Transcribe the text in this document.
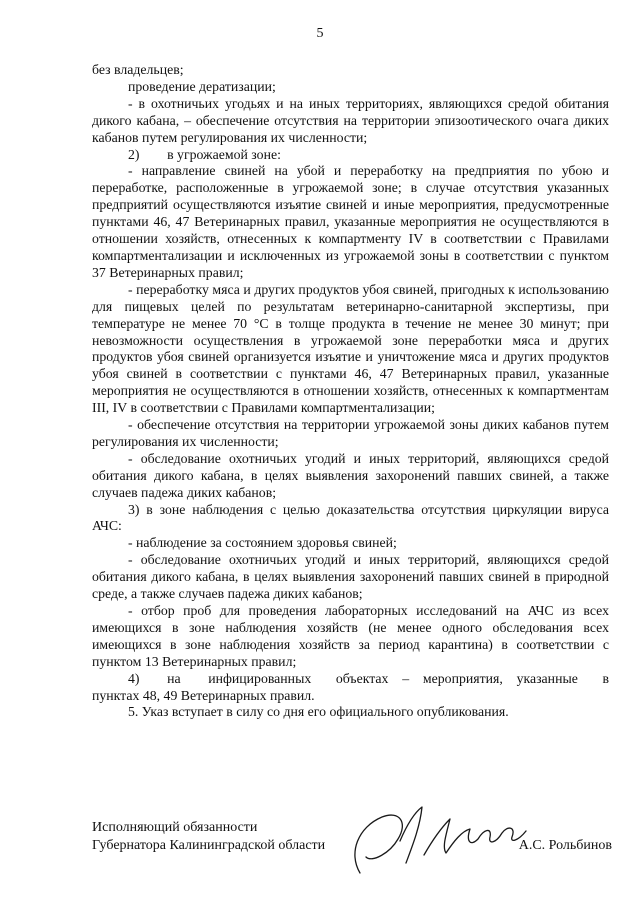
5

без владельцев;

проведение дератизации;

- в охотничьих угодьях и на иных территориях, являющихся средой обитания дикого кабана, – обеспечение отсутствия на территории эпизоотического очага диких кабанов путем регулирования их численности;

2)  в угрожаемой зоне:

- направление свиней на убой и переработку на предприятия по убою и переработке, расположенные в угрожаемой зоне; в случае отсутствия указанных предприятий осуществляются изъятие свиней и иные мероприятия, предусмотренные пунктами 46, 47 Ветеринарных правил, указанные мероприятия не осуществляются в отношении хозяйств, отнесенных к компартменту IV в соответствии с Правилами компартментализации и исключенных из угрожаемой зоны в соответствии с пунктом 37 Ветеринарных правил;

- переработку мяса и других продуктов убоя свиней, пригодных к использованию для пищевых целей по результатам ветеринарно-санитарной экспертизы, при температуре не менее 70 °C в толще продукта в течение не менее 30 минут; при невозможности осуществления в угрожаемой зоне переработки мяса и других продуктов убоя свиней организуется изъятие и уничтожение мяса и других продуктов убоя свиней в соответствии с пунктами 46, 47 Ветеринарных правил, указанные мероприятия не осуществляются в отношении хозяйств, отнесенных к компартментам III, IV в соответствии с Правилами компартментализации;

- обеспечение отсутствия на территории угрожаемой зоны диких кабанов путем регулирования их численности;

- обследование охотничьих угодий и иных территорий, являющихся средой обитания дикого кабана, в целях выявления захоронений павших свиней, а также случаев падежа диких кабанов;

3) в зоне наблюдения с целью доказательства отсутствия циркуляции вируса АЧС:

- наблюдение за состоянием здоровья свиней;

- обследование охотничьих угодий и иных территорий, являющихся средой обитания дикого кабана, в целях выявления захоронений павших свиней в природной среде, а также случаев падежа диких кабанов;

- отбор проб для проведения лабораторных исследований на АЧС из всех имеющихся в зоне наблюдения хозяйств (не менее одного обследования всех имеющихся в зоне наблюдения хозяйств за период карантина) в соответствии с пунктом 13 Ветеринарных правил;

4)  на  инфицированных объектах – мероприятия, указанные в пунктах 48, 49 Ветеринарных правил.

5. Указ вступает в силу со дня его официального опубликования.

Исполняющий обязанности
Губернатора Калининградской области	А.С. Рольбинов
